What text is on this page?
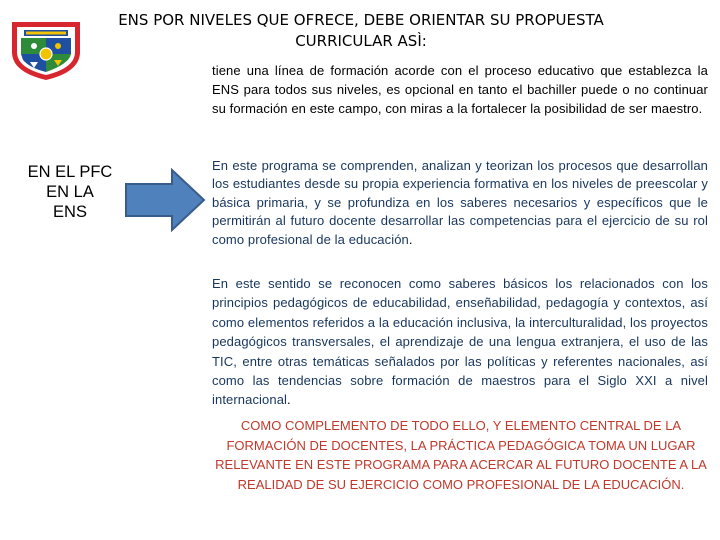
ENS POR NIVELES QUE OFRECE, DEBE ORIENTAR SU PROPUESTA
CURRICULAR ASÌ:
EN EL PFC
EN LA
ENS
tiene una línea de formación acorde con el proceso educativo que establezca la ENS para todos sus niveles, es opcional en tanto el bachiller puede o no continuar su formación en este campo, con miras a la fortalecer la posibilidad de ser maestro.
En este programa se comprenden, analizan y teorizan los procesos que desarrollan los estudiantes desde su propia experiencia formativa en los niveles de preescolar y básica primaria, y se profundiza en los saberes necesarios y específicos que le permitirán al futuro docente desarrollar las competencias para el ejercicio de su rol como profesional de la educación.
En este sentido se reconocen como saberes básicos los relacionados con los principios pedagógicos de educabilidad, enseñabilidad, pedagogía y contextos, así como elementos referidos a la educación inclusiva, la interculturalidad, los proyectos pedagógicos transversales, el aprendizaje de una lengua extranjera, el uso de las TIC, entre otras temáticas señalados por las políticas y referentes nacionales, así como las tendencias sobre formación de maestros para el Siglo XXI a nivel internacional.
COMO COMPLEMENTO DE TODO ELLO, Y ELEMENTO CENTRAL DE LA FORMACIÓN DE DOCENTES, LA PRÁCTICA PEDAGÓGICA TOMA UN LUGAR RELEVANTE EN ESTE PROGRAMA PARA ACERCAR AL FUTURO DOCENTE A LA REALIDAD DE SU EJERCICIO COMO PROFESIONAL DE LA EDUCACIÓN.
